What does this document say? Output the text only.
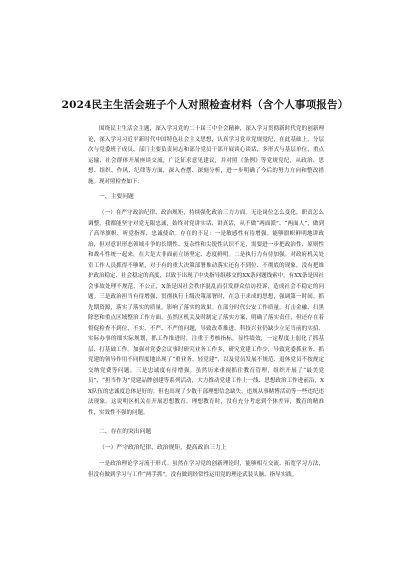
2024民主生活会班子个人对照检查材料（含个人事项报告）

围绕民主生活会主题，深入学习党的二十届三中全会精神，深入学习贯彻新时代党的创新理论，深入学习习近平新时代中国特色社会主义思想，认真学习党章党规党纪，在此基础上，分层次与党委班子成员、部门主要负责同志和部分党员干部开展谈心谈话，多形式与基层单位、重点运输、社会群体开展座谈交流，广泛征求意见建议，并对照《条例》等党规党纪，从政治、思想、组织、作风、纪律等方面，深入查摆、深刻分析，进一步明确了今后的努力方向和整改措施。现对照检查如下：

一、主要问题

（一）在严守政治纪律、政治规矩，持续强化政治三力方面。无论岗位怎么变化，职责怎么调整，我都能坚守对党无限忠诚，始终对党讲实话、讲真话，从不做“两面派”、“两面人”，做到了高举旗帜、听党指挥、忠诚使命。存在的不足：一是敏感性有待增强。能够旗帜鲜明地讲政治，但对意识形态领域斗争的长期性、复杂性和尖锐性认识不足，需要进一步把政治性、原则性和战斗性统一起来，在大是大非面前立场坚定、态度鲜明。二是执行力有待加强。对政府机关处室工作人员抓得不够紧，对于有的重大决策部署推动落实还有不到位、不彻底的现象，没有把维护政治稳定、社会稳定的高度，以致于出现了中央指导组移交的XX条问题线索中，有XX条是因社会事故处理不规范、不公正，X条是因社会秩序混乱而引发群众信访投诉，造成社会不稳定的问题。三是政治担当有待增强，贯彻执行上级决策部署时，在急于求成的思想，强调第一时间、抓先期资源，落实了落实的质量，影响了落实的效果。在部分时代公安工作质量，打击金融、扫黑除恶和重点区域整治工作方面，虽然区机关及时制定了落实方案，明确了落实责任，但还存在着督促检查不到位、不实、不严、不严的问题，导致改革推进、科技兴业仍缺少立足当前的实招、实际办事的细实际规划，抓工作推进时，注重于考核指标，显性绩效，一定程度上弱化了抓基层、打基础工作。加强对党委会议事时研究业务工作多，研究党建工作少，导致党委抓业务、抓党建的领导作用不同程度地出现了“重业务、轻党建”，以及党员发展不规范、退休党员不按规定交纳党费等问题。三是忠诚度有待增强。虽然历来重视抓住教育管理，组织开展了“最美党员”、“担当作为”党建品牌创建等系列活动，大力推动党建工作上一线、思想政治工作进前沿，XX队伍的忠诚度总体是好的。但也出现了少数干部理想信念缺失，违规从事赌博活动等一些违纪违法现象。这说明区机关在开展思想教育、理想教育时，没有充分考虑到个体差异，教育的精准性、实效性不强的问题。

二、存在的突出问题
（一）严守政治纪律、政治规矩，提高政治三力上

一是政治理论学习流于形式。虽然在学习党的创新理论时，能够相互交流、拓宽学习方法，但没有做到学习与工作“两手抓”，没有做到经常性运用党的理论武装头脑、指导实践。
